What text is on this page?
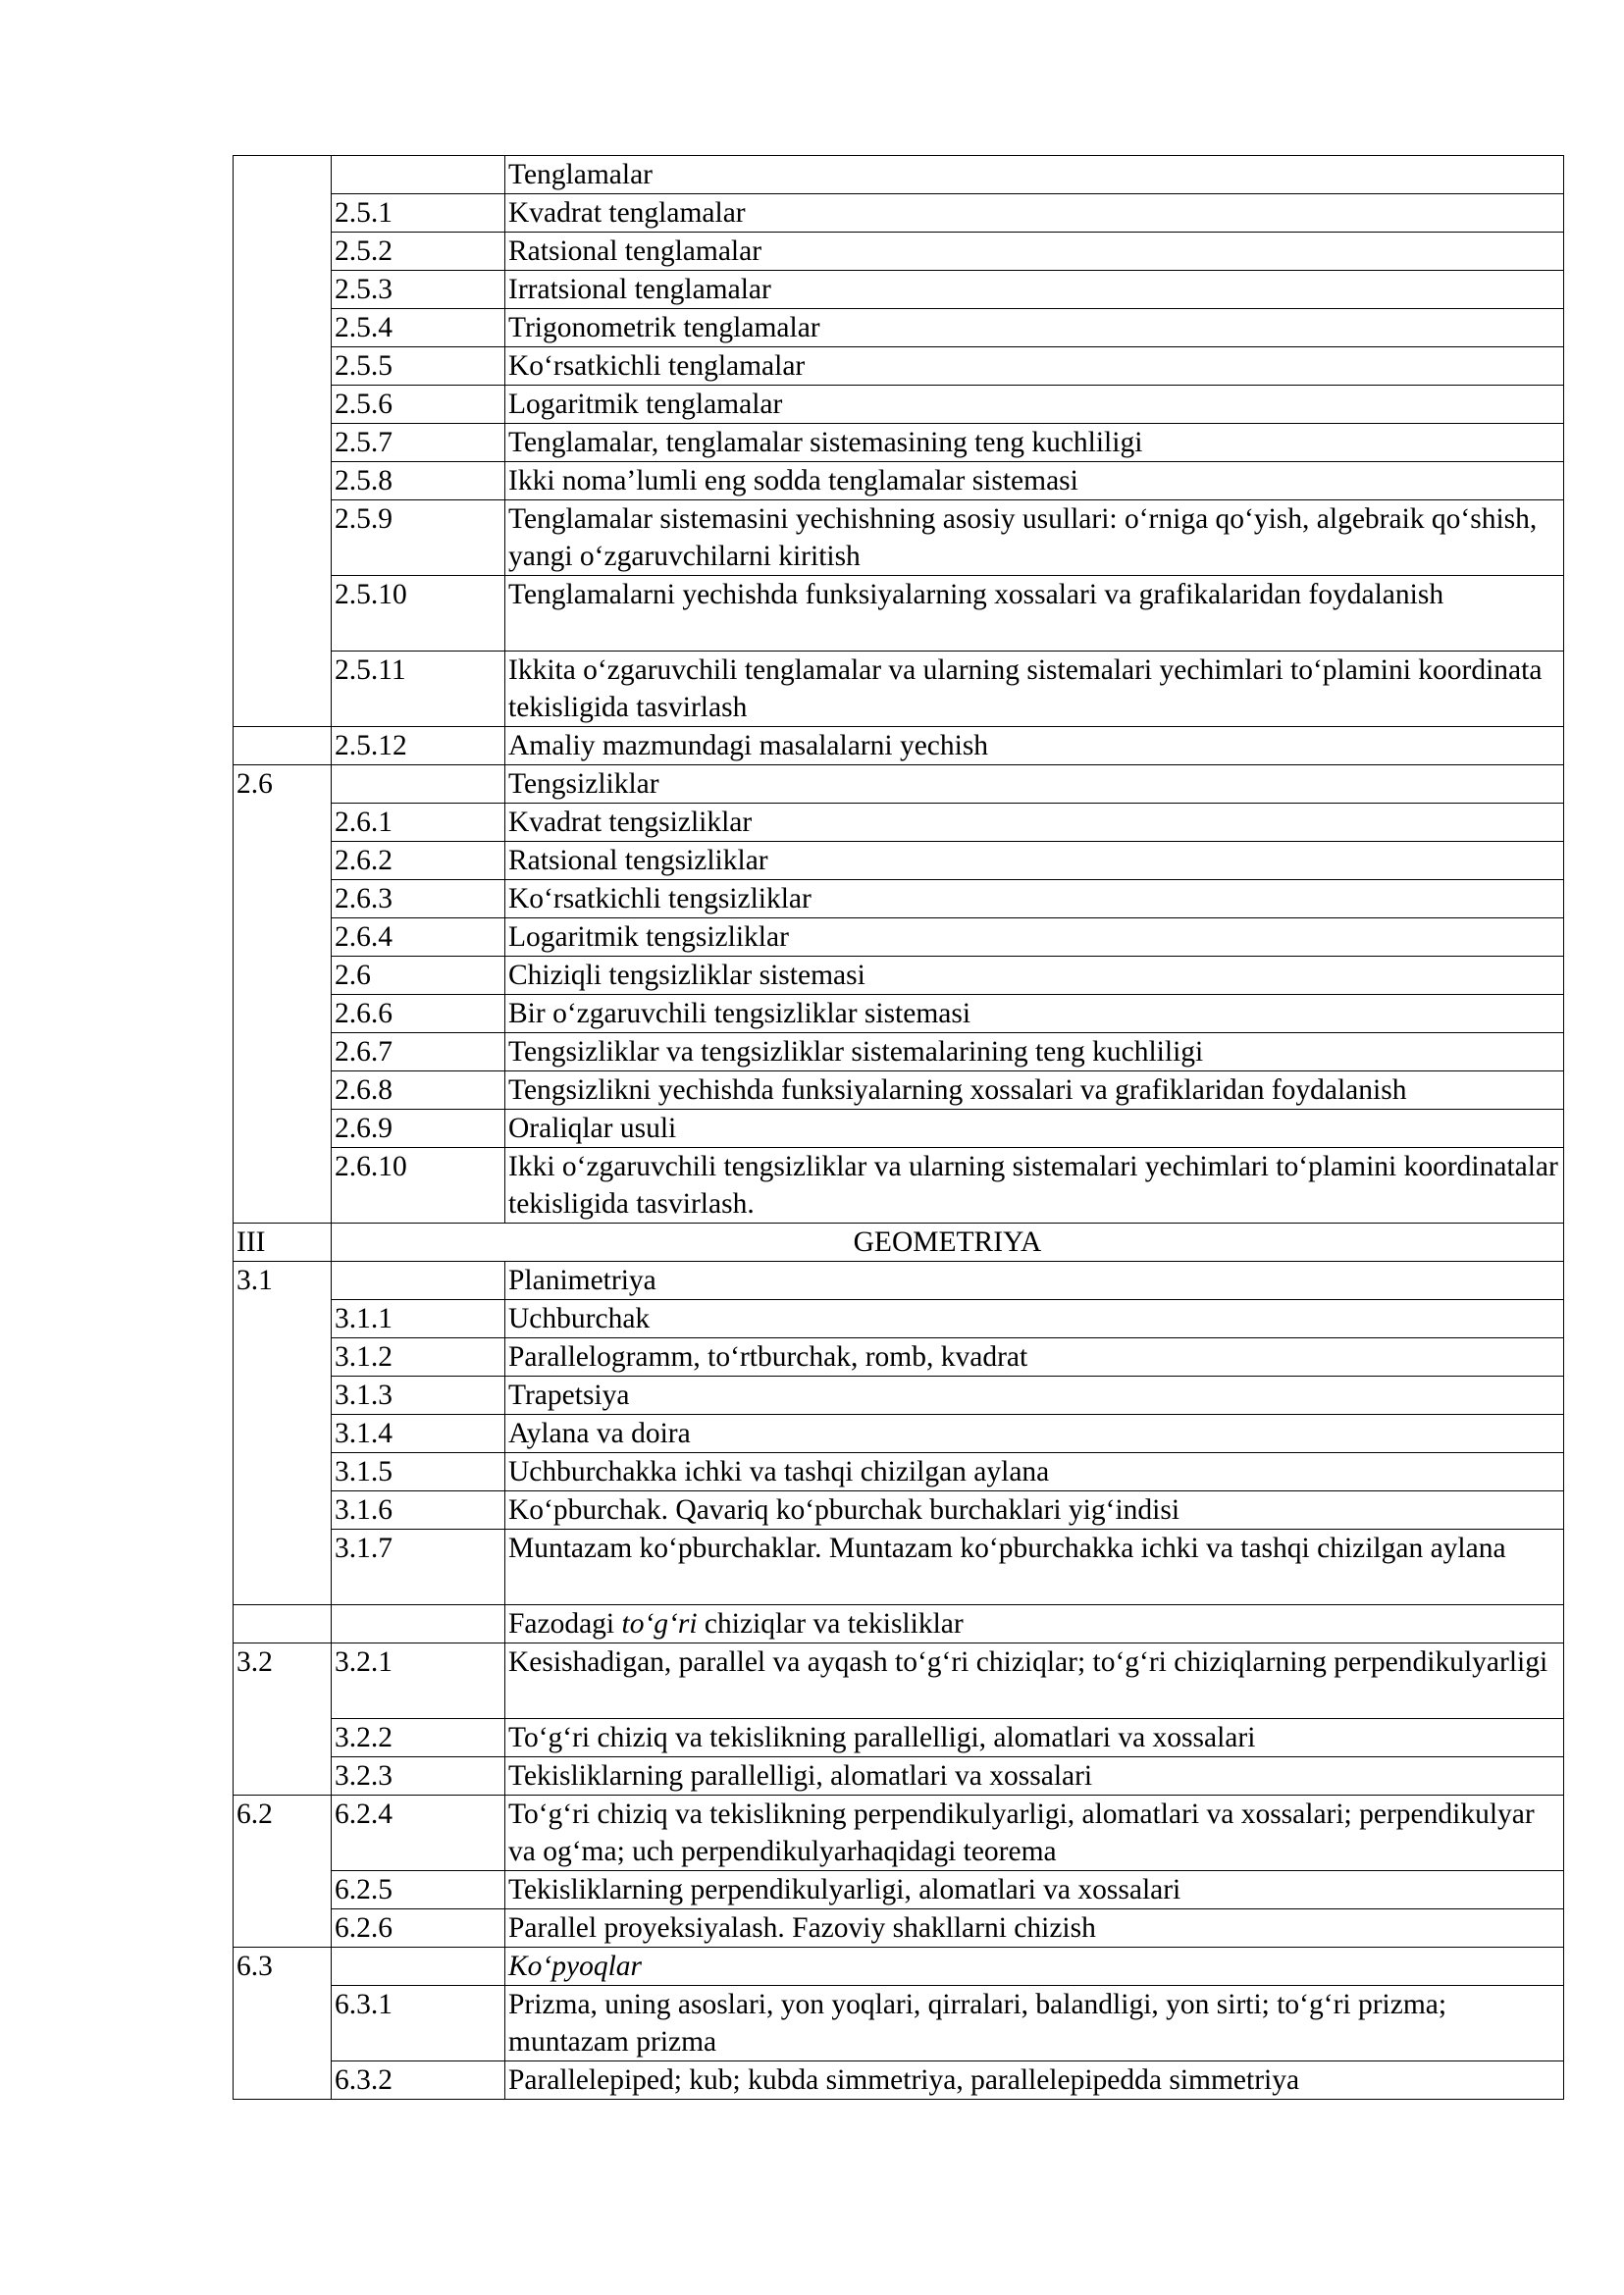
		Tenglamalar
	2.5.1	Kvadrat tenglamalar
	2.5.2	Ratsional tenglamalar
	2.5.3	Irratsional tenglamalar
	2.5.4	Trigonometrik tenglamalar
	2.5.5	Ko‘rsatkichli tenglamalar
	2.5.6	Logaritmik tenglamalar
	2.5.7	Tenglamalar, tenglamalar sistemasining teng kuchliligi
	2.5.8	Ikki noma’lumli eng sodda tenglamalar sistemasi
	2.5.9	Tenglamalar sistemasini yechishning asosiy usullari: o‘rniga qo‘yish, algebraik qo‘shish, yangi o‘zgaruvchilarni kiritish
	2.5.10	Tenglamalarni yechishda funksiyalarning xossalari va grafikalaridan foydalanish
	2.5.11	Ikkita o‘zgaruvchili tenglamalar va ularning sistemalari yechimlari to‘plamini koordinata tekisligida tasvirlash
	2.5.12	Amaliy mazmundagi masalalarni yechish
2.6		Tengsizliklar
	2.6.1	Kvadrat tengsizliklar
	2.6.2	Ratsional tengsizliklar
	2.6.3	Ko‘rsatkichli tengsizliklar
	2.6.4	Logaritmik tengsizliklar
	2.6	Chiziqli tengsizliklar sistemasi
	2.6.6	Bir o‘zgaruvchili tengsizliklar sistemasi
	2.6.7	Tengsizliklar va tengsizliklar sistemalarining teng kuchliligi
	2.6.8	Tengsizlikni yechishda funksiyalarning xossalari va grafiklaridan foydalanish
	2.6.9	Oraliqlar usuli
	2.6.10	Ikki o‘zgaruvchili tengsizliklar va ularning sistemalari yechimlari to‘plamini koordinatalar tekisligida tasvirlash.
III	GEOMETRIYA	
3.1		Planimetriya
	3.1.1	Uchburchak
	3.1.2	Parallelogramm, to‘rtburchak, romb, kvadrat
	3.1.3	Trapetsiya
	3.1.4	Aylana va doira
	3.1.5	Uchburchakka ichki va tashqi chizilgan aylana
	3.1.6	Ko‘pburchak. Qavariq ko‘pburchak burchaklari yig‘indisi
	3.1.7	Muntazam ko‘pburchaklar. Muntazam ko‘pburchakka ichki va tashqi chizilgan aylana
		Fazodagi to‘g‘ri chiziqlar va tekisliklar
3.2	3.2.1	Kesishadigan, parallel va ayqash to‘g‘ri chiziqlar; to‘g‘ri chiziqlarning perpendikulyarligi
	3.2.2	To‘g‘ri chiziq va tekislikning parallelligi, alomatlari va xossalari
	3.2.3	Tekisliklarning parallelligi, alomatlari va xossalari
6.2	6.2.4	To‘g‘ri chiziq va tekislikning perpendikulyarligi, alomatlari va xossalari; perpendikulyar va og‘ma; uch perpendikulyarhaqidagi teorema
	6.2.5	Tekisliklarning perpendikulyarligi, alomatlari va xossalari
	6.2.6	Parallel proyeksiyalash. Fazoviy shakllarni chizish
6.3		Ko‘pyoqlar
	6.3.1	Prizma, uning asoslari, yon yoqlari, qirralari, balandligi, yon sirti; to‘g‘ri prizma; muntazam prizma
	6.3.2	Parallelepiped; kub; kubda simmetriya, parallelepipedda simmetriya
